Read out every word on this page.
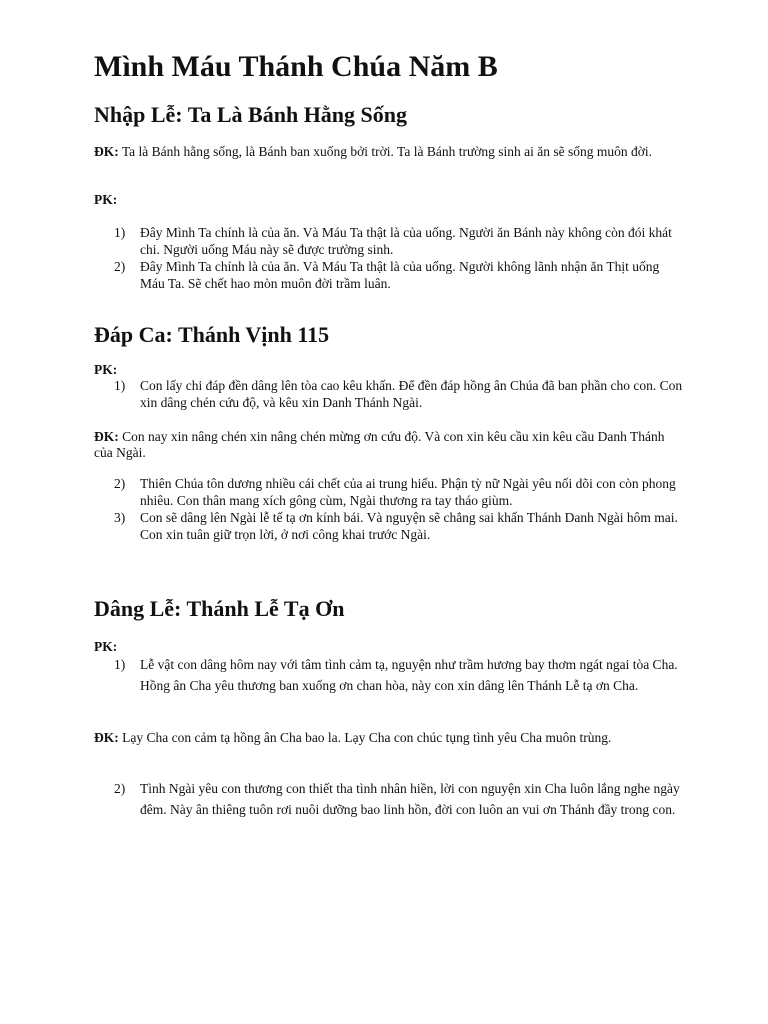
Mình Máu Thánh Chúa Năm B
Nhập Lễ: Ta Là Bánh Hằng Sống

ĐK: Ta là Bánh hằng sống, là Bánh ban xuống bởi trời. Ta là Bánh trường sinh ai ăn sẽ sống muôn đời.

PK:

1) Đây Mình Ta chính là của ăn. Và Máu Ta thật là của uống. Người ăn Bánh này không còn đói khát chi. Người uống Máu này sẽ được trường sinh.
2) Đây Mình Ta chính là của ăn. Và Máu Ta thật là của uống. Người không lãnh nhận ăn Thịt uống Máu Ta. Sẽ chết hao mòn muôn đời trầm luân.
Đáp Ca: Thánh Vịnh 115

PK:

1) Con lấy chi đáp đền dâng lên tòa cao kêu khấn. Để đền đáp hồng ân Chúa đã ban phần cho con. Con xin dâng chén cứu độ, và kêu xin Danh Thánh Ngài.

ĐK: Con nay xin nâng chén xin nâng chén mừng ơn cứu độ. Và con xin kêu cầu xin kêu cầu Danh Thánh của Ngài.

2) Thiên Chúa tôn dương nhiều cái chết của ai trung hiếu. Phận tỳ nữ Ngài yêu nối dõi con còn phong nhiêu. Con thân mang xích gông cùm, Ngài thương ra tay tháo giùm.
3) Con sẽ dâng lên Ngài lễ tế tạ ơn kính bái. Và nguyện sẽ chẳng sai khấn Thánh Danh Ngài hôm mai. Con xin tuân giữ trọn lời, ở nơi công khai trước Ngài.
Dâng Lễ: Thánh Lễ Tạ Ơn

PK:

1) Lễ vật con dâng hôm nay với tâm tình cảm tạ, nguyện như trầm hương bay thơm ngát ngai tòa Cha. Hồng ân Cha yêu thương ban xuống ơn chan hòa, này con xin dâng lên Thánh Lễ tạ ơn Cha.

ĐK: Lạy Cha con cảm tạ hồng ân Cha bao la. Lạy Cha con chúc tụng tình yêu Cha muôn trùng.

2) Tình Ngài yêu con thương con thiết tha tình nhân hiền, lời con nguyện xin Cha luôn lắng nghe ngày đêm. Này ân thiêng tuôn rơi nuôi dưỡng bao linh hồn, đời con luôn an vui ơn Thánh đầy trong con.
